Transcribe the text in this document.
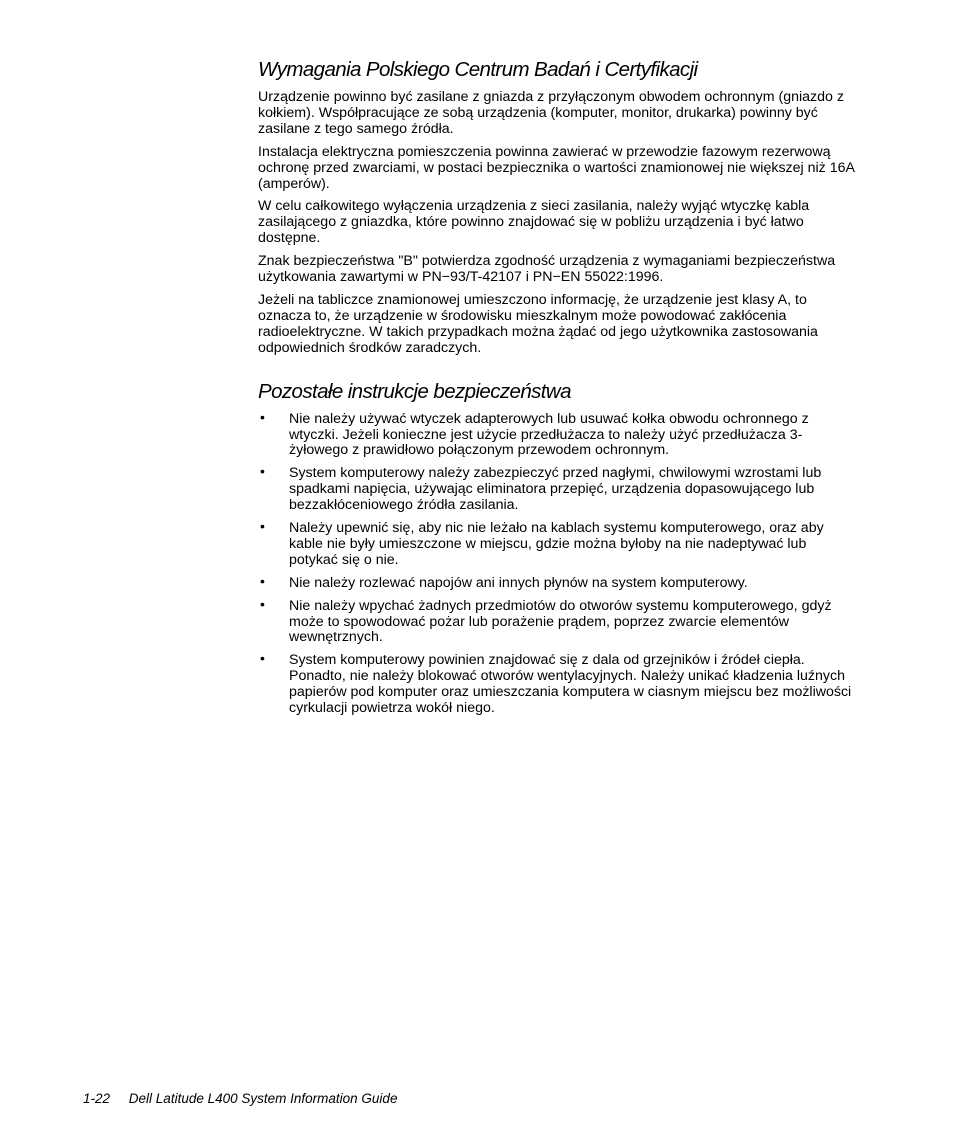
Wymagania Polskiego Centrum Badań i Certyfikacji

Urządzenie powinno być zasilane z gniazda z przyłączonym obwodem ochronnym (gniazdo z kołkiem). Współpracujące ze sobą urządzenia (komputer, monitor, drukarka) powinny być zasilane z tego samego źródła.

Instalacja elektryczna pomieszczenia powinna zawierać w przewodzie fazowym rezerwową ochronę przed zwarciami, w postaci bezpiecznika o wartości znamionowej nie większej niż 16A (amperów).

W celu całkowitego wyłączenia urządzenia z sieci zasilania, należy wyjąć wtyczkę kabla zasilającego z gniazdka, które powinno znajdować się w pobliżu urządzenia i być łatwo dostępne.

Znak bezpieczeństwa "B" potwierdza zgodność urządzenia z wymaganiami bezpieczeństwa użytkowania zawartymi w PN−93/T-42107 i PN−EN 55022:1996.

Jeżeli na tabliczce znamionowej umieszczono informację, że urządzenie jest klasy A, to oznacza to, że urządzenie w środowisku mieszkalnym może powodować zakłócenia radioelektryczne. W takich przypadkach można żądać od jego użytkownika zastosowania odpowiednich środków zaradczych.

Pozostałe instrukcje bezpieczeństwa
• Nie należy używać wtyczek adapterowych lub usuwać kołka obwodu ochronnego z wtyczki. Jeżeli konieczne jest użycie przedłużacza to należy użyć przedłużacza 3-żyłowego z prawidłowo połączonym przewodem ochronnym.
• System komputerowy należy zabezpieczyć przed nagłymi, chwilowymi wzrostami lub spadkami napięcia, używając eliminatora przepięć, urządzenia dopasowującego lub bezzakłóceniowego źródła zasilania.
• Należy upewnić się, aby nic nie leżało na kablach systemu komputerowego, oraz aby kable nie były umieszczone w miejscu, gdzie można byłoby na nie nadeptywać lub potykać się o nie.
• Nie należy rozlewać napojów ani innych płynów na system komputerowy.
• Nie należy wpychać żadnych przedmiotów do otworów systemu komputerowego, gdyż może to spowodować pożar lub porażenie prądem, poprzez zwarcie elementów wewnętrznych.
• System komputerowy powinien znajdować się z dala od grzejników i źródeł ciepła. Ponadto, nie należy blokować otworów wentylacyjnych. Należy unikać kładzenia luźnych papierów pod komputer oraz umieszczania komputera w ciasnym miejscu bez możliwości cyrkulacji powietrza wokół niego.
1-22 Dell Latitude L400 System Information Guide
